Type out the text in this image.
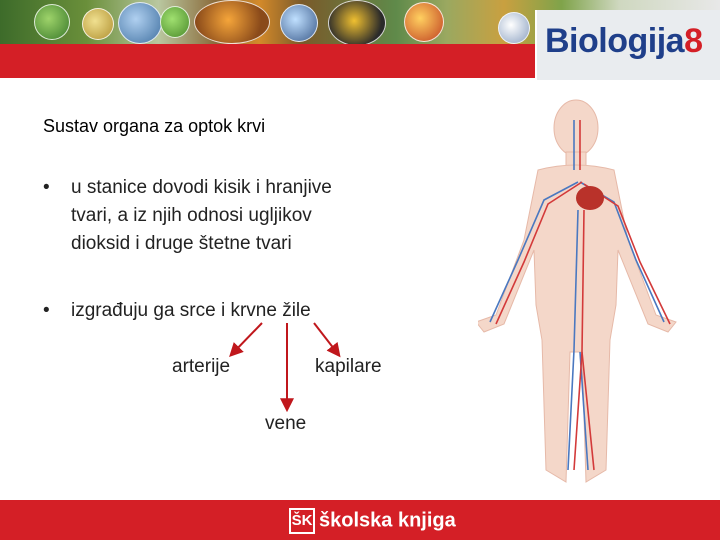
Biologija8
Sustav organa za optok krvi
• u stanice dovodi kisik i hranjive
tvari, a iz njih odnosi ugljikov
dioksid i druge štetne tvari
• izgrađuju ga srce i krvne žile
arterije	kapilare
vene
ŠK školska knjiga
